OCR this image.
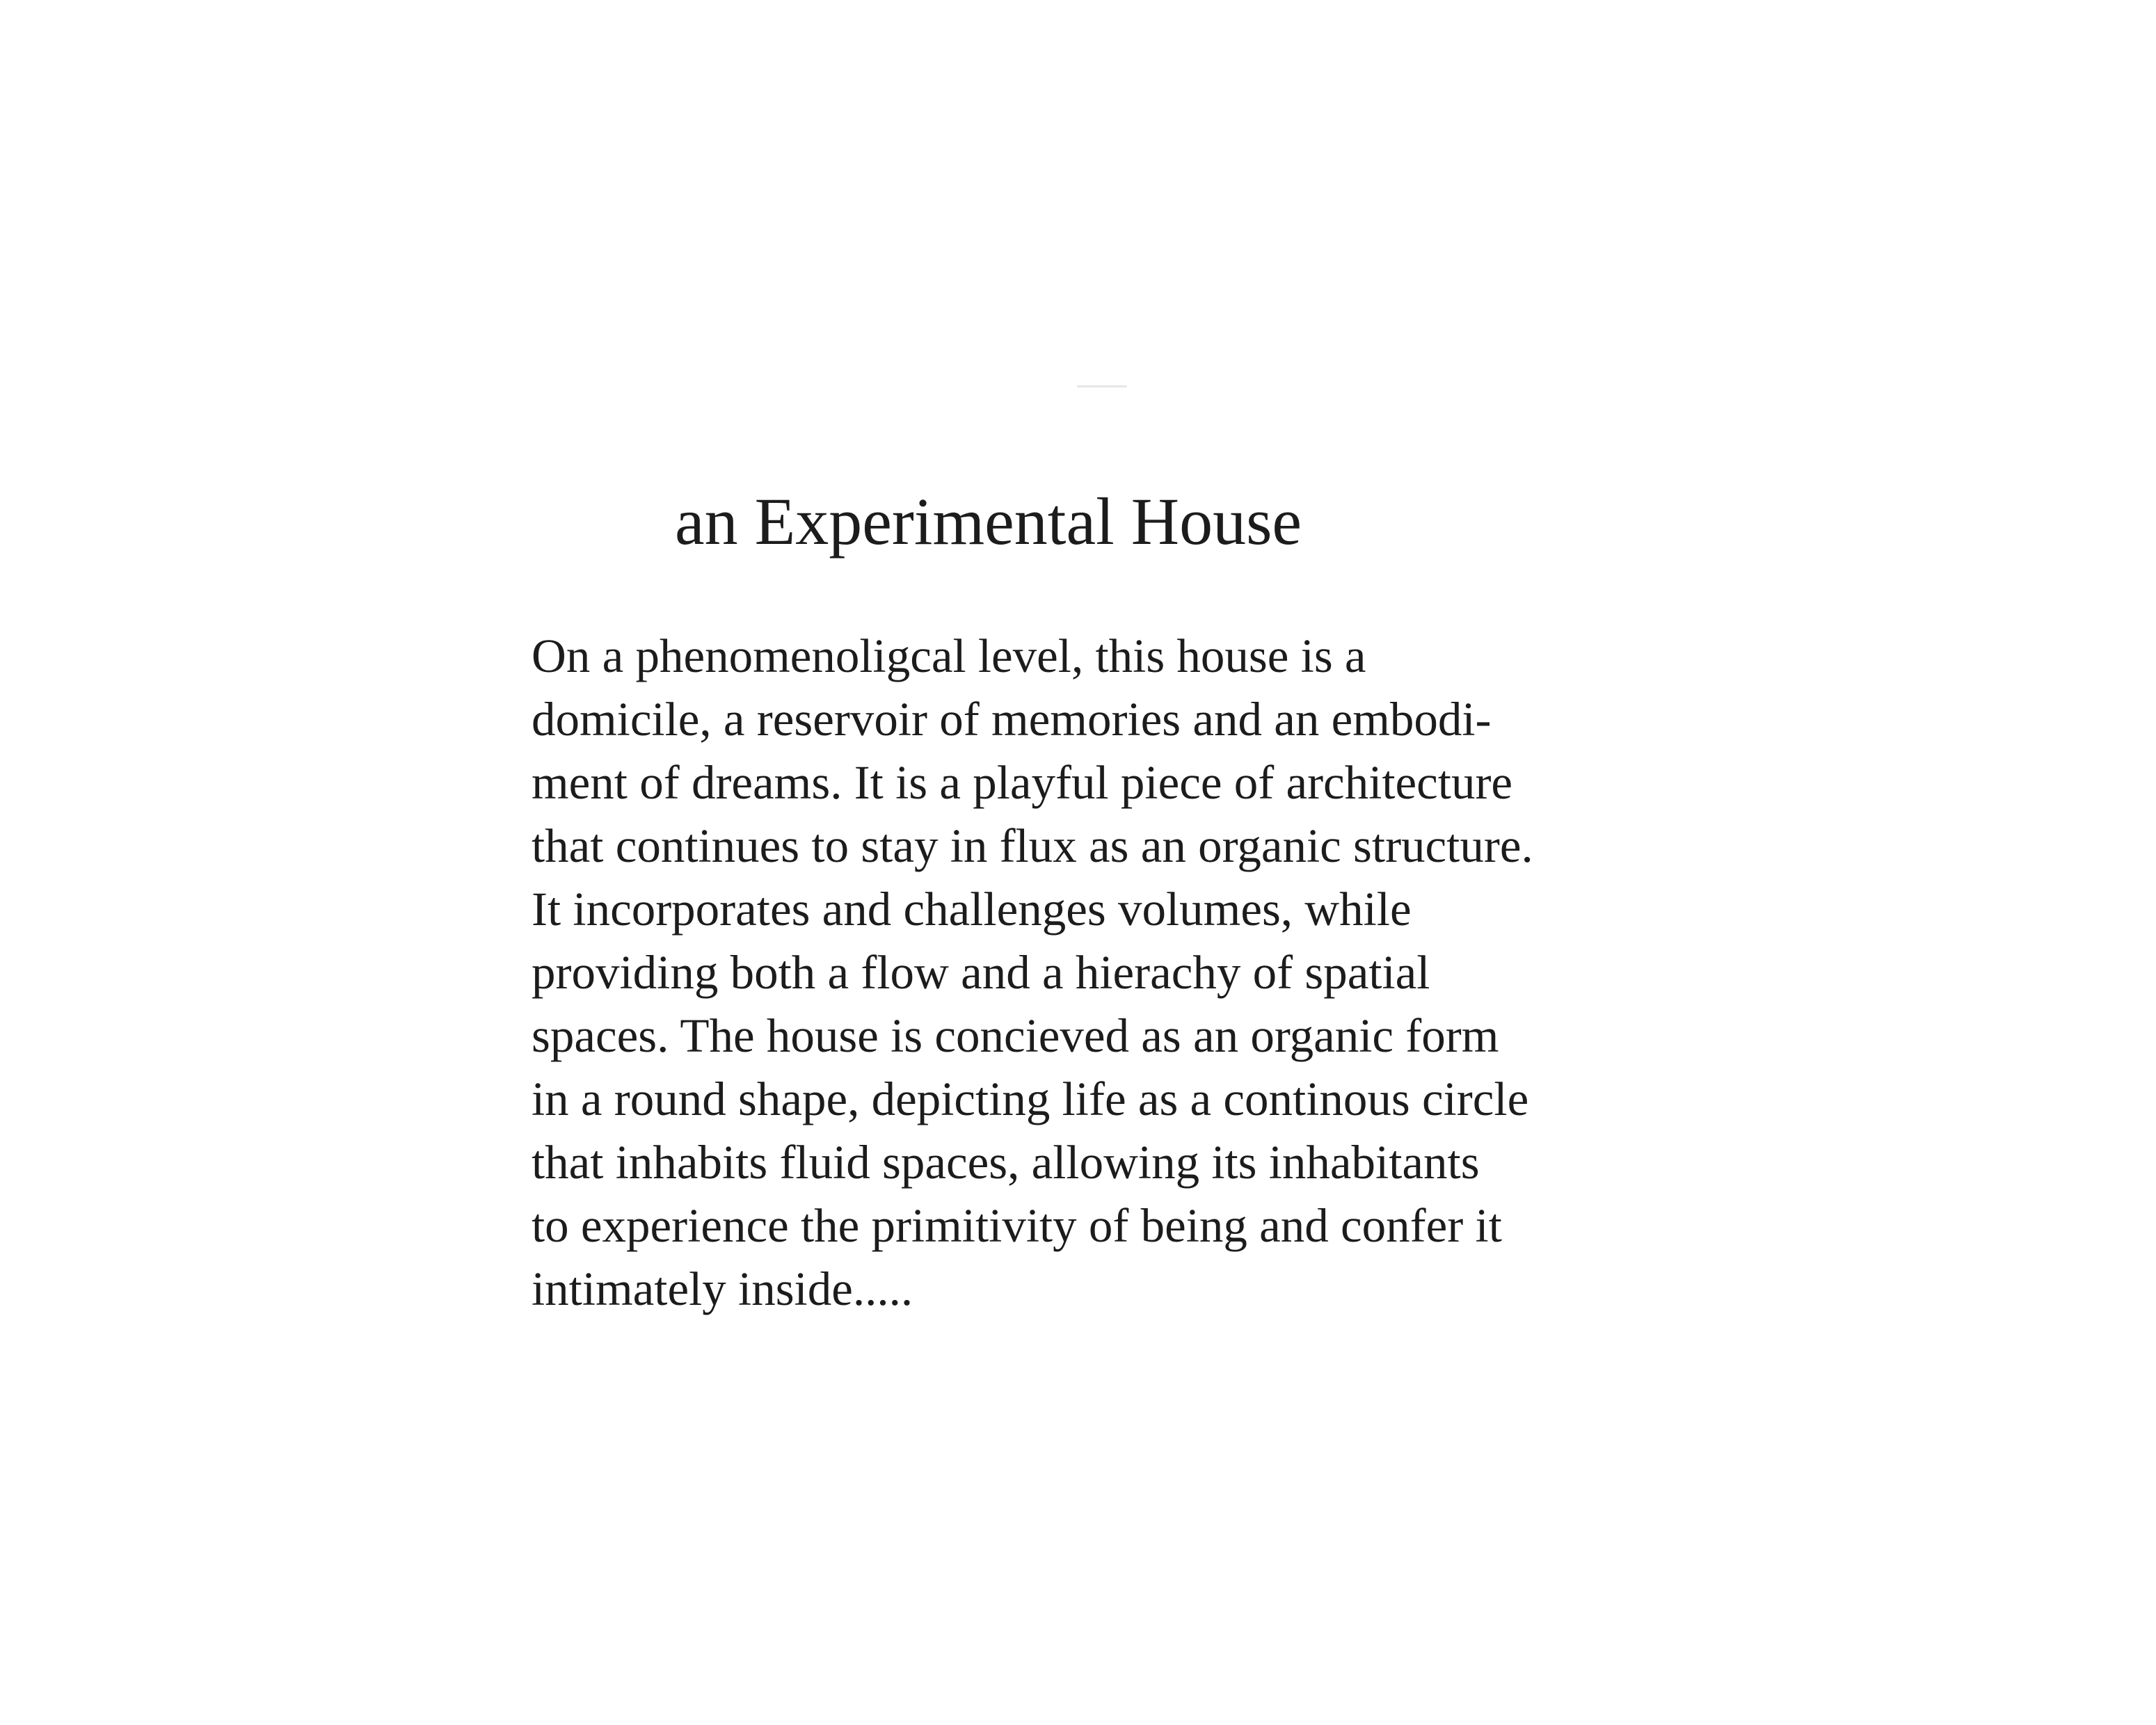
an Experimental House
On a phenomenoligcal level, this house is a
domicile, a reservoir of memories and an embodi-
ment of dreams. It is a playful piece of architecture
that continues to stay in flux as an organic structure.
It incorporates and challenges volumes, while
providing both a flow and a hierachy of spatial
spaces. The house is concieved as an organic form
in a round shape, depicting life as a continous circle
that inhabits fluid spaces, allowing its inhabitants
to experience the primitivity of being and confer it
intimately inside.....
